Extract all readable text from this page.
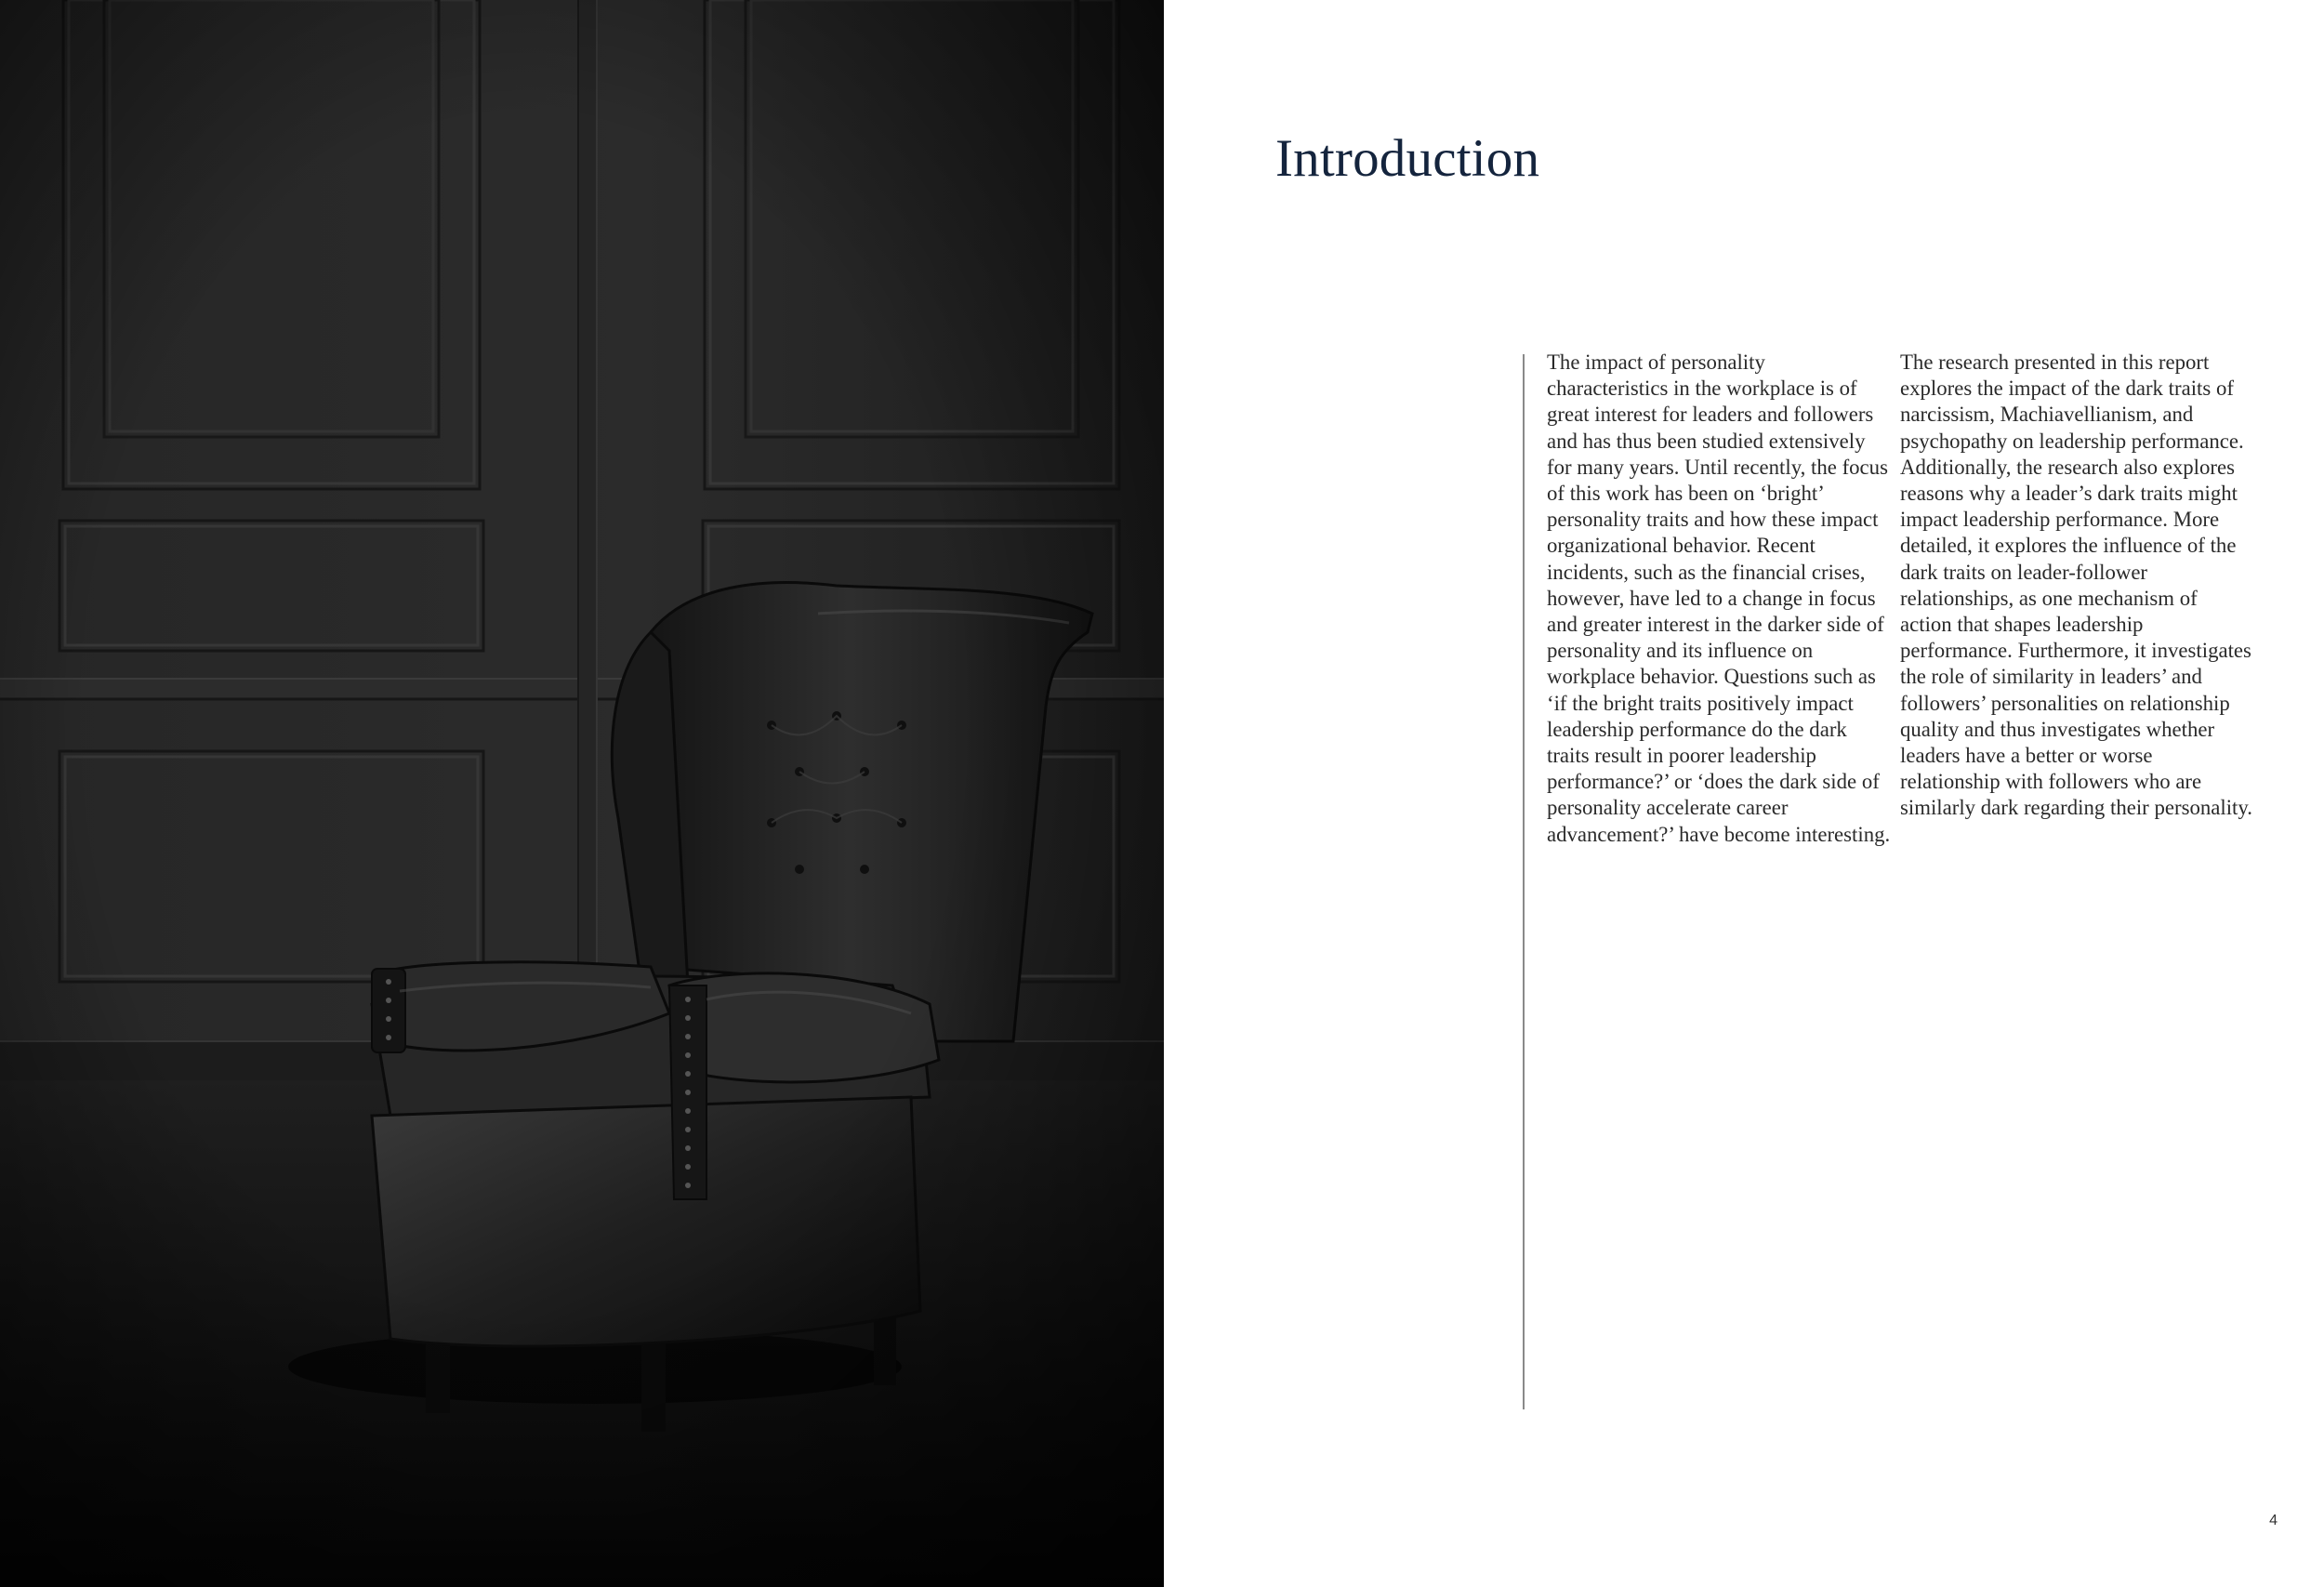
Introduction

The impact of personality characteristics in the workplace is of great interest for leaders and followers and has thus been studied extensively for many years. Until recently, the focus of this work has been on ‘bright’ personality traits and how these impact organizational behavior. Recent incidents, such as the financial crises, however, have led to a change in focus and greater interest in the darker side of personality and its influence on workplace behavior. Questions such as ‘if the bright traits positively impact leadership performance do the dark traits result in poorer leadership performance?’ or ‘does the dark side of personality accelerate career advancement?’ have become interesting.

The research presented in this report explores the impact of the dark traits of narcissism, Machiavellianism, and psychopathy on leadership performance. Additionally, the research also explores reasons why a leader’s dark traits might impact leadership performance. More detailed, it explores the influence of the dark traits on leader-follower relationships, as one mechanism of action that shapes leadership performance. Furthermore, it investigates the role of similarity in leaders’ and followers’ personalities on relationship quality and thus investigates whether leaders have a better or worse relationship with followers who are similarly dark regarding their personality.

4
